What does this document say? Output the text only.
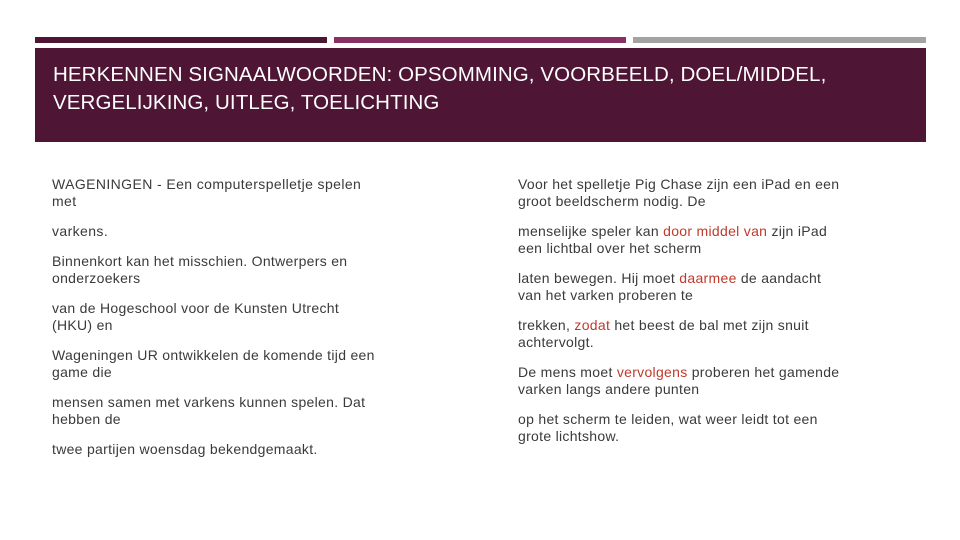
HERKENNEN SIGNAALWOORDEN: OPSOMMING, VOORBEELD, DOEL/MIDDEL, VERGELIJKING, UITLEG, TOELICHTING

WAGENINGEN - Een computerspelletje spelen met

varkens.

Binnenkort kan het misschien. Ontwerpers en onderzoekers

van de Hogeschool voor de Kunsten Utrecht (HKU) en

Wageningen UR ontwikkelen de komende tijd een game die

mensen samen met varkens kunnen spelen. Dat hebben de

twee partijen woensdag bekendgemaakt.

Voor het spelletje Pig Chase zijn een iPad en een groot beeldscherm nodig. De

menselijke speler kan door middel van zijn iPad een lichtbal over het scherm

laten bewegen. Hij moet daarmee de aandacht van het varken proberen te

trekken, zodat het beest de bal met zijn snuit achtervolgt.

De mens moet vervolgens proberen het gamende varken langs andere punten

op het scherm te leiden, wat weer leidt tot een grote lichtshow.
